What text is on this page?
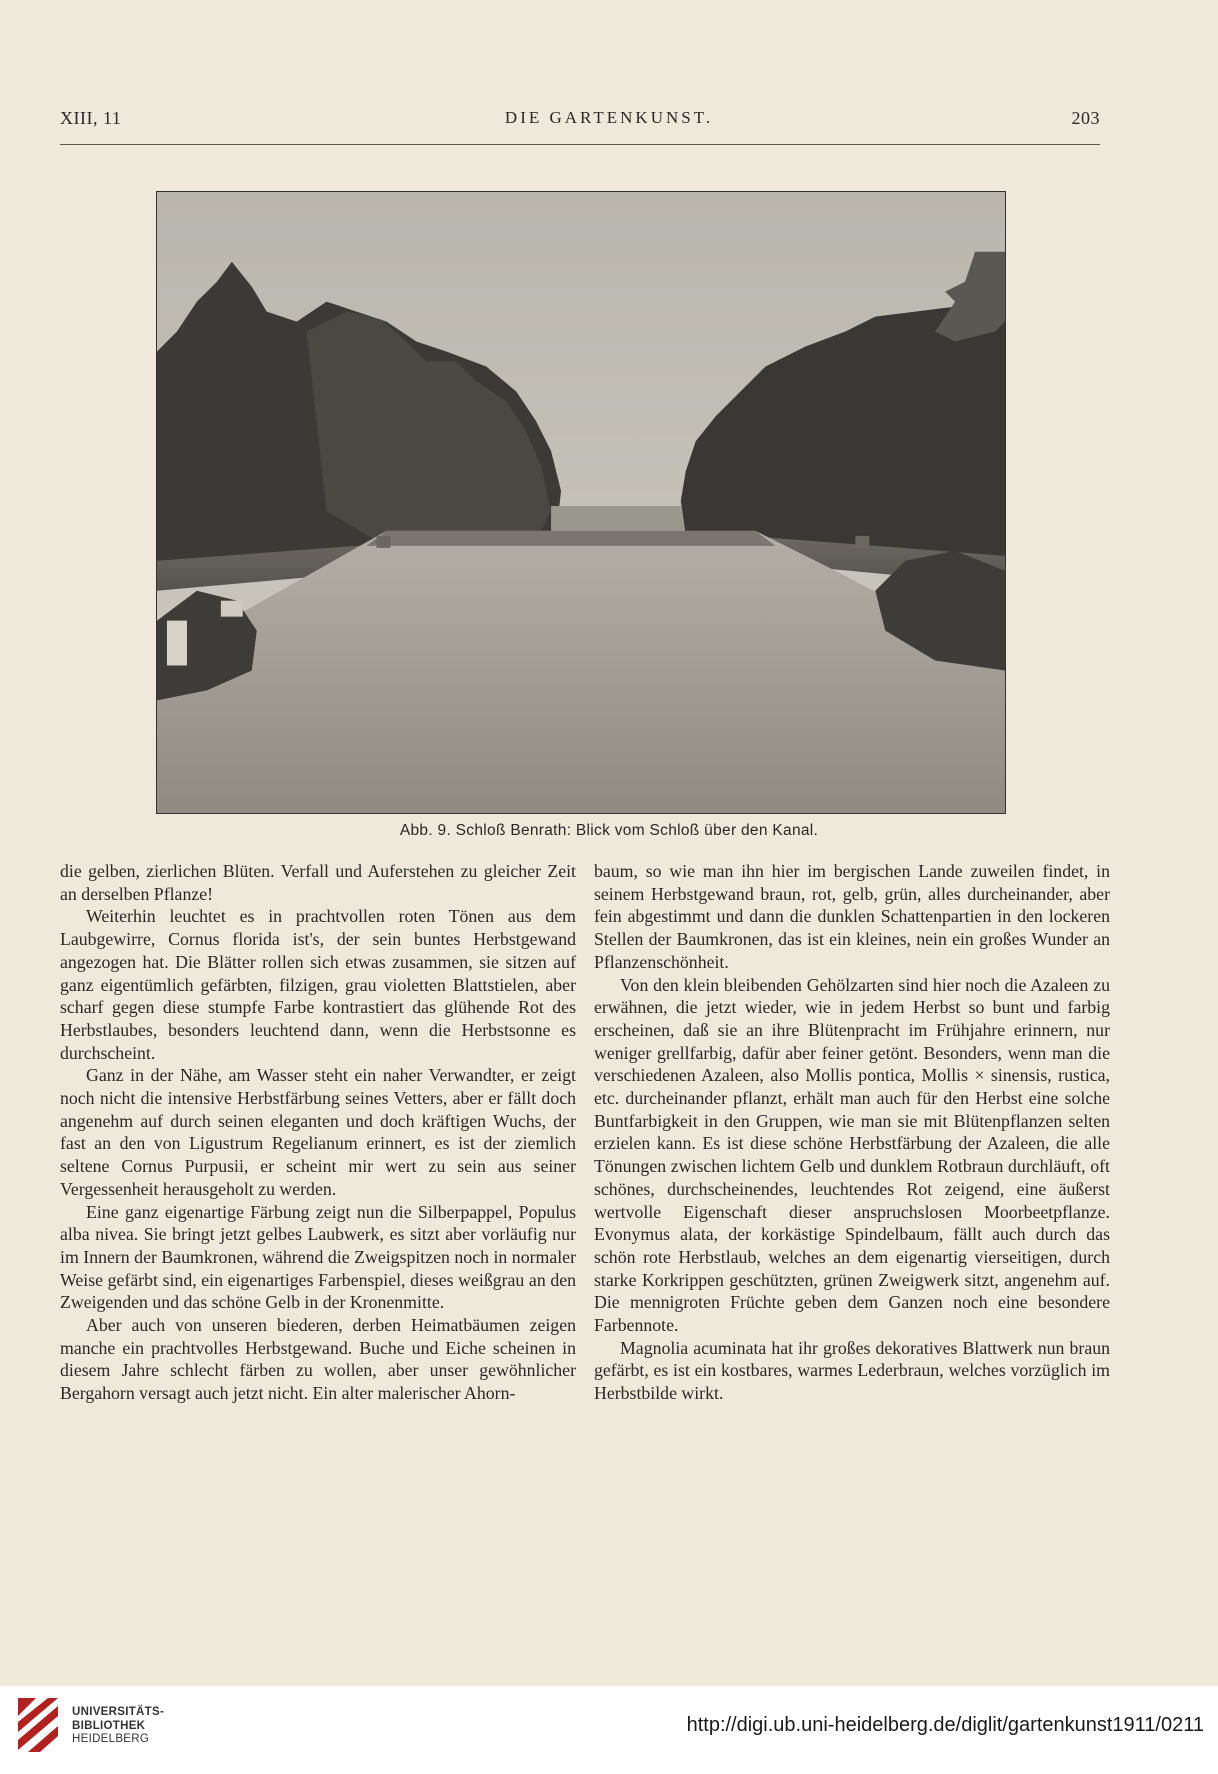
XIII, 11	DIE GARTENKUNST.	203
Abb. 9. Schloß Benrath: Blick vom Schloß über den Kanal.

die gelben, zierlichen Blüten. Verfall und Auferstehen zu gleicher Zeit an derselben Pflanze!

Weiterhin leuchtet es in prachtvollen roten Tönen aus dem Laubgewirre, Cornus florida ist's, der sein buntes Herbstgewand angezogen hat. Die Blätter rollen sich etwas zusammen, sie sitzen auf ganz eigentümlich gefärbten, filzigen, grau violetten Blattstielen, aber scharf gegen diese stumpfe Farbe kontrastiert das glühende Rot des Herbstlaubes, besonders leuchtend dann, wenn die Herbstsonne es durchscheint.

Ganz in der Nähe, am Wasser steht ein naher Verwandter, er zeigt noch nicht die intensive Herbstfärbung seines Vetters, aber er fällt doch angenehm auf durch seinen eleganten und doch kräftigen Wuchs, der fast an den von Ligustrum Regelianum erinnert, es ist der ziemlich seltene Cornus Purpusii, er scheint mir wert zu sein aus seiner Vergessenheit herausgeholt zu werden.

Eine ganz eigenartige Färbung zeigt nun die Silberpappel, Populus alba nivea. Sie bringt jetzt gelbes Laubwerk, es sitzt aber vorläufig nur im Innern der Baumkronen, während die Zweigspitzen noch in normaler Weise gefärbt sind, ein eigenartiges Farbenspiel, dieses weißgrau an den Zweigenden und das schöne Gelb in der Kronenmitte.

Aber auch von unseren biederen, derben Heimatbäumen zeigen manche ein prachtvolles Herbstgewand. Buche und Eiche scheinen in diesem Jahre schlecht färben zu wollen, aber unser gewöhnlicher Bergahorn versagt auch jetzt nicht. Ein alter malerischer Ahorn-

baum, so wie man ihn hier im bergischen Lande zuweilen findet, in seinem Herbstgewand braun, rot, gelb, grün, alles durcheinander, aber fein abgestimmt und dann die dunklen Schattenpartien in den lockeren Stellen der Baumkronen, das ist ein kleines, nein ein großes Wunder an Pflanzenschönheit.

Von den klein bleibenden Gehölzarten sind hier noch die Azaleen zu erwähnen, die jetzt wieder, wie in jedem Herbst so bunt und farbig erscheinen, daß sie an ihre Blütenpracht im Frühjahre erinnern, nur weniger grellfarbig, dafür aber feiner getönt. Besonders, wenn man die verschiedenen Azaleen, also Mollis pontica, Mollis × sinensis, rustica, etc. durcheinander pflanzt, erhält man auch für den Herbst eine solche Buntfarbigkeit in den Gruppen, wie man sie mit Blütenpflanzen selten erzielen kann. Es ist diese schöne Herbstfärbung der Azaleen, die alle Tönungen zwischen lichtem Gelb und dunklem Rotbraun durchläuft, oft schönes, durchscheinendes, leuchtendes Rot zeigend, eine äußerst wertvolle Eigenschaft dieser anspruchslosen Moorbeetpflanze. Evonymus alata, der korkästige Spindelbaum, fällt auch durch das schön rote Herbstlaub, welches an dem eigenartig vierseitigen, durch starke Korkrippen geschützten, grünen Zweigwerk sitzt, angenehm auf. Die mennigroten Früchte geben dem Ganzen noch eine besondere Farbennote.

Magnolia acuminata hat ihr großes dekoratives Blattwerk nun braun gefärbt, es ist ein kostbares, warmes Lederbraun, welches vorzüglich im Herbstbilde wirkt.

UNIVERSITÄTS-
BIBLIOTHEK
HEIDELBERG
http://digi.ub.uni-heidelberg.de/diglit/gartenkunst1911/0211
